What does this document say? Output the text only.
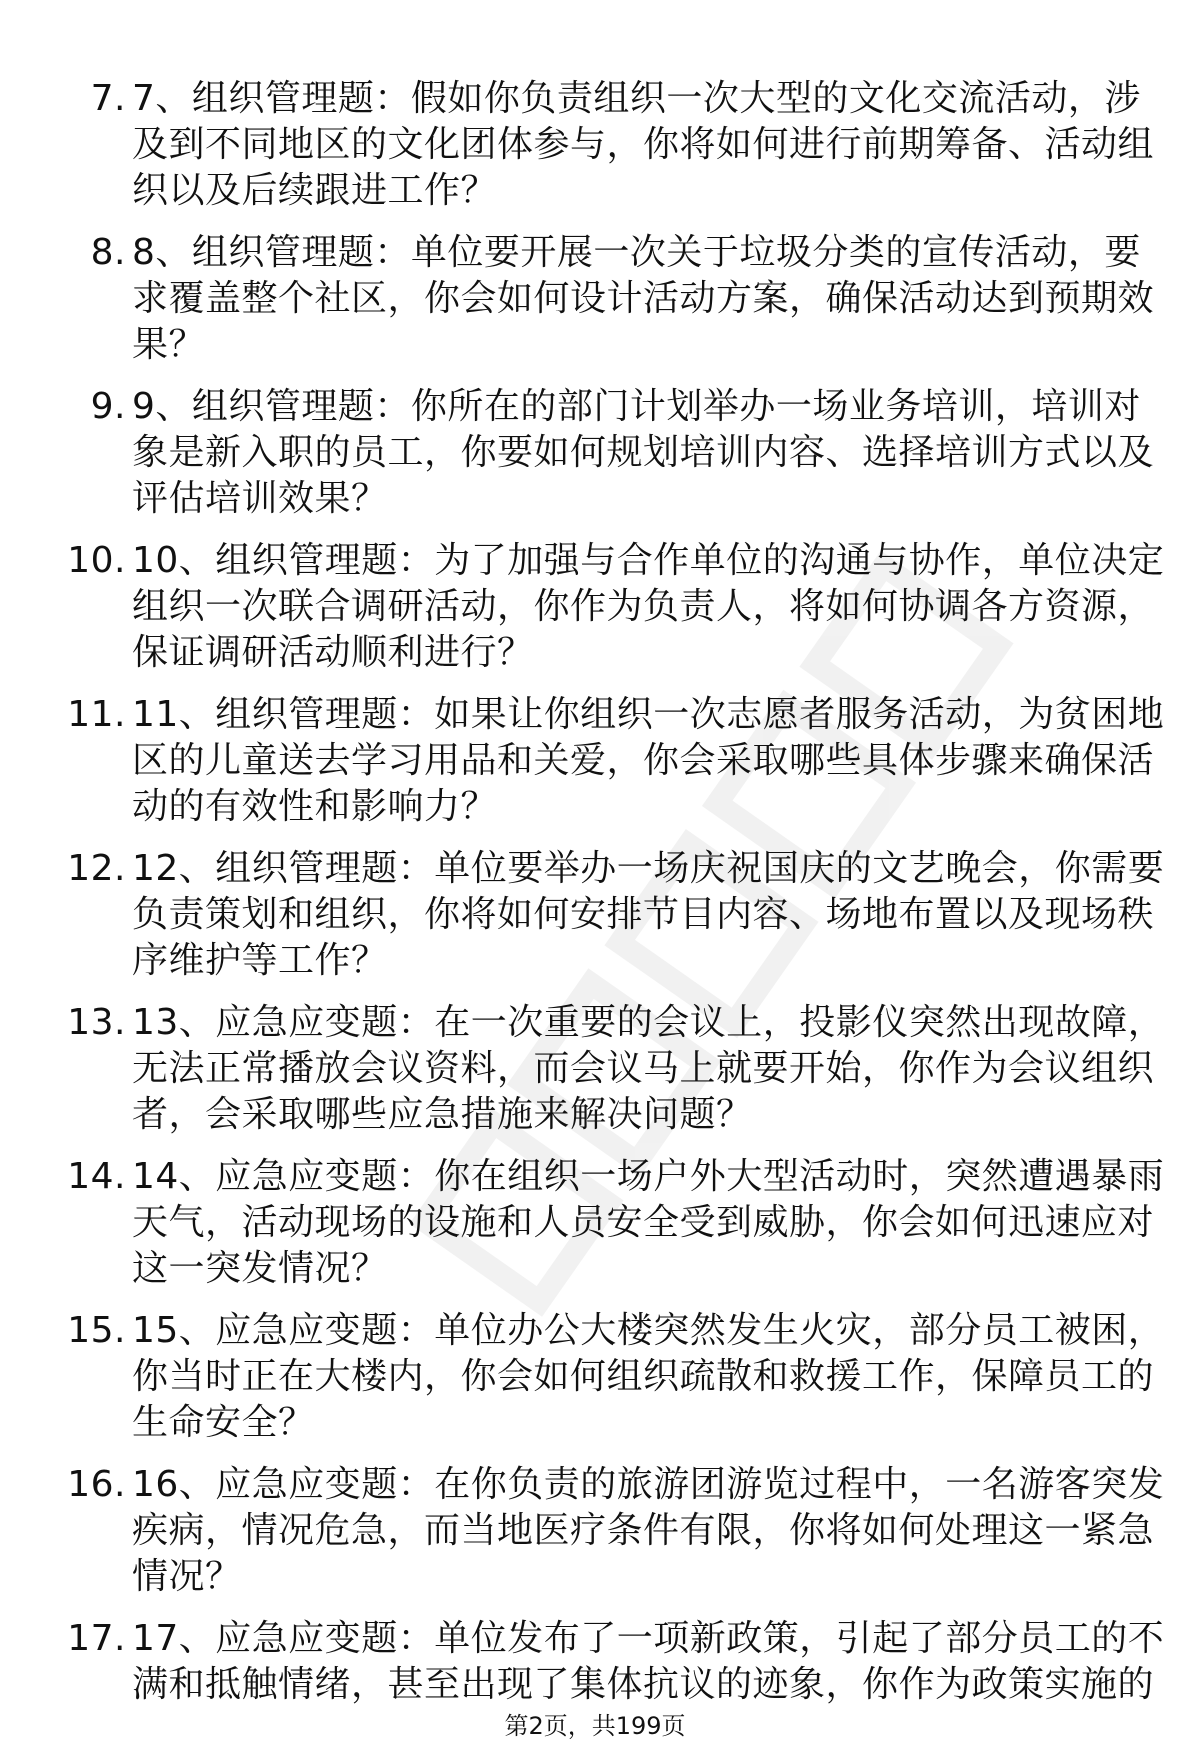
7. 7、组织管理题：假如你负责组织一次大型的文化交流活动，涉及到不同地区的文化团体参与，你将如何进行前期筹备、活动组织以及后续跟进工作？
8. 8、组织管理题：单位要开展一次关于垃圾分类的宣传活动，要求覆盖整个社区，你会如何设计活动方案，确保活动达到预期效果？
9. 9、组织管理题：你所在的部门计划举办一场业务培训，培训对象是新入职的员工，你要如何规划培训内容、选择培训方式以及评估培训效果？
10. 10、组织管理题：为了加强与合作单位的沟通与协作，单位决定组织一次联合调研活动，你作为负责人，将如何协调各方资源，保证调研活动顺利进行？
11. 11、组织管理题：如果让你组织一次志愿者服务活动，为贫困地区的儿童送去学习用品和关爱，你会采取哪些具体步骤来确保活动的有效性和影响力？
12. 12、组织管理题：单位要举办一场庆祝国庆的文艺晚会，你需要负责策划和组织，你将如何安排节目内容、场地布置以及现场秩序维护等工作？
13. 13、应急应变题：在一次重要的会议上，投影仪突然出现故障，无法正常播放会议资料，而会议马上就要开始，你作为会议组织者，会采取哪些应急措施来解决问题？
14. 14、应急应变题：你在组织一场户外大型活动时，突然遭遇暴雨天气，活动现场的设施和人员安全受到威胁，你会如何迅速应对这一突发情况？
15. 15、应急应变题：单位办公大楼突然发生火灾，部分员工被困，你当时正在大楼内，你会如何组织疏散和救援工作，保障员工的生命安全？
16. 16、应急应变题：在你负责的旅游团游览过程中，一名游客突发疾病，情况危急，而当地医疗条件有限，你将如何处理这一紧急情况？
17. 17、应急应变题：单位发布了一项新政策，引起了部分员工的不满和抵触情绪，甚至出现了集体抗议的迹象，你作为政策实施的
第2页，共199页
